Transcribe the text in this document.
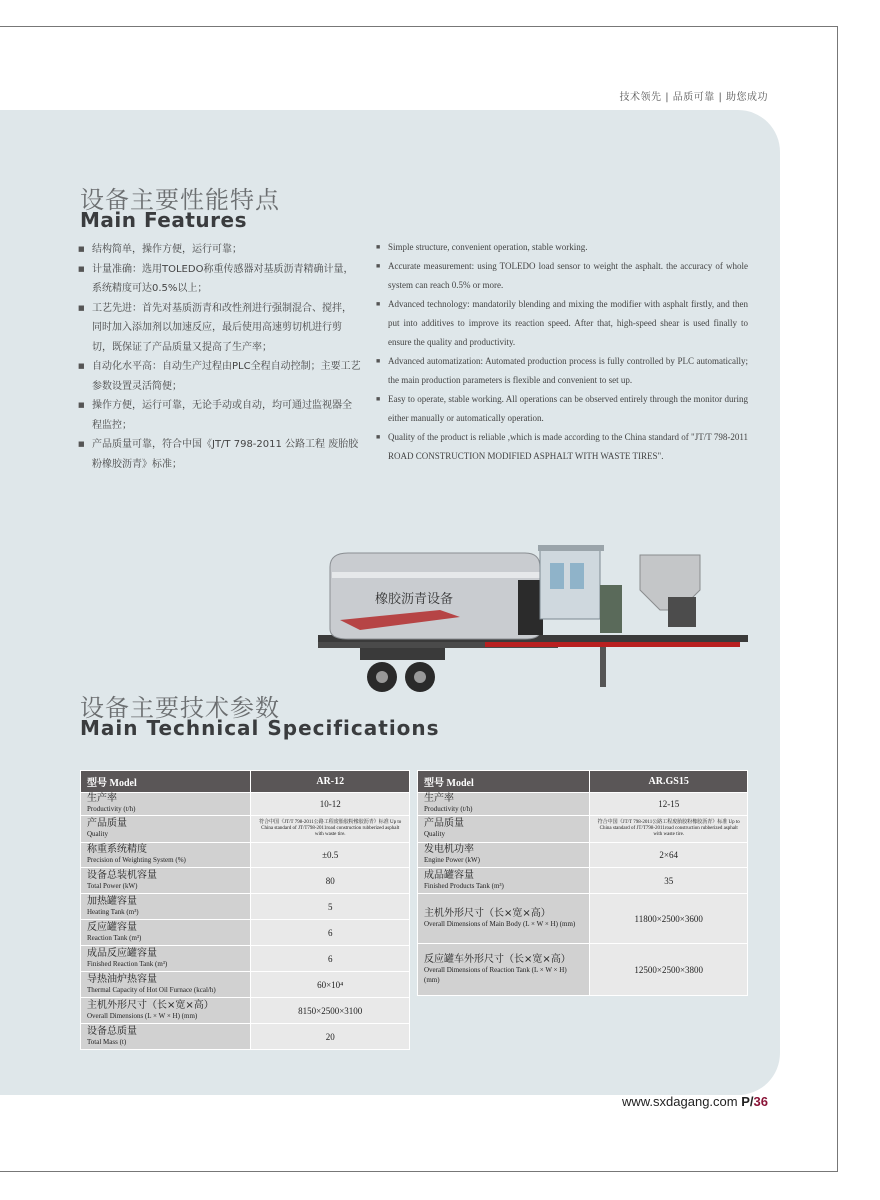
技术领先 | 品质可靠 | 助您成功
设备主要性能特点
Main Features
■ 结构简单，操作方便，运行可靠；
■ 计量准确：选用TOLEDO称重传感器对基质沥青精确计量，系统精度可达0.5%以上；
■ 工艺先进：首先对基质沥青和改性剂进行强制混合、搅拌，同时加入添加剂以加速反应，最后使用高速剪切机进行剪切，既保证了产品质量又提高了生产率；
■ 自动化水平高：自动生产过程由PLC全程自动控制；主要工艺参数设置灵活简便；
■ 操作方便，运行可靠，无论手动或自动，均可通过监视器全程监控；
■ 产品质量可靠，符合中国《JT/T 798-2011 公路工程 废胎胶粉橡胶沥青》标准；
■ Simple structure, convenient operation, stable working.
■ Accurate measurement: using TOLEDO load sensor to weight the asphalt. the accuracy of whole system can reach 0.5% or more.
■ Advanced technology: mandatorily blending and mixing the modifier with asphalt firstly, and then put into additives to improve its reaction speed. After that, high-speed shear is used finally to ensure the quality and productivity.
■ Advanced automatization: Automated production process is fully controlled by PLC automatically; the main production parameters is flexible and convenient to set up.
■ Easy to operate, stable working. All operations can be observed entirely through the monitor during either manually or automatically operation.
■ Quality of the product is reliable ,which is made according to the China standard of "JT/T 798-2011 ROAD CONSTRUCTION MODIFIED ASPHALT WITH WASTE TIRES".
橡胶沥青设备
设备主要技术参数
Main Technical Specifications
型号 Model	AR-12

生产率
Productivity (t/h)	10-12

产品质量
Quality	符合中国《JT/T 798-2011公路工程废胎胶粉橡胶沥青》标准 Up to China standard of JT/T798-2011road construction rubberized asphalt with waste tire.

称重系统精度
Precision of Weighting System (%)	±0.5

设备总装机容量
Total Power (kW)	80

加热罐容量
Heating Tank (m³)	5

反应罐容量
Reaction Tank (m³)	6

成品反应罐容量
Finished Reaction Tank (m³)	6

导热油炉热容量
Thermal Capacity of Hot Oil Furnace (kcal/h)	60×10⁴

主机外形尺寸（长×宽×高）
Overall Dimensions (L × W × H) (mm)	8150×2500×3100

设备总质量
Total Mass (t)	20
型号 Model	AR.GS15

生产率
Productivity (t/h)	12-15

产品质量
Quality	符合中国《JT/T 798-2011公路工程废胎胶粉橡胶沥青》标准 Up to China standard of JT/T798-2011road construction rubberized asphalt with waste tire.

发电机功率
Engine Power (kW)	2×64

成品罐容量
Finished Products Tank (m³)	35

主机外形尺寸（长×宽×高）
Overall Dimensions of Main Body (L × W × H) (mm)	11800×2500×3600

反应罐车外形尺寸（长×宽×高）
Overall Dimensions of Reaction Tank (L × W × H) (mm)	12500×2500×3800
www.sxdagang.com P/36
